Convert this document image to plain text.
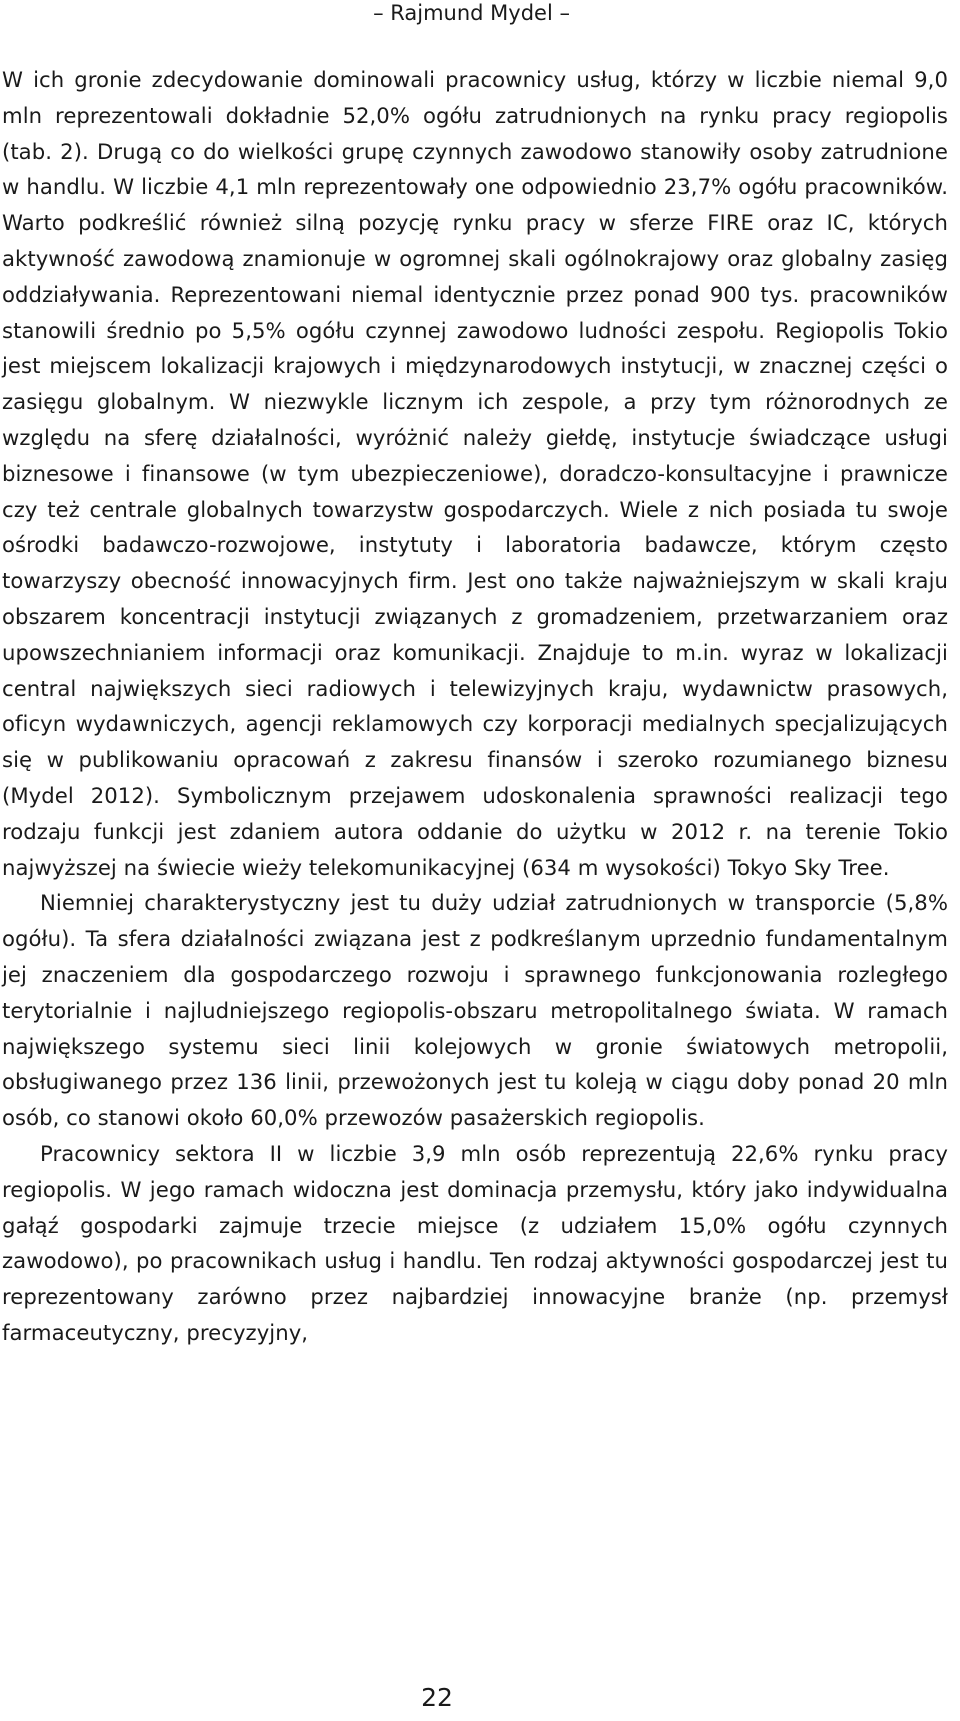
– Rajmund Mydel –

W ich gronie zdecydowanie dominowali pracownicy usług, którzy w liczbie niemal 9,0 mln reprezentowali dokładnie 52,0% ogółu zatrudnionych na rynku pracy regiopolis (tab. 2). Drugą co do wielkości grupę czynnych zawodowo stanowiły osoby zatrudnione w handlu. W liczbie 4,1 mln reprezentowały one odpowiednio 23,7% ogółu pracowników. Warto podkreślić również silną pozycję rynku pracy w sferze FIRE oraz IC, których aktywność zawodową znamionuje w ogromnej skali ogólnokrajowy oraz globalny zasięg oddziaływania. Reprezentowani niemal identycznie przez ponad 900 tys. pracowników stanowili średnio po 5,5% ogółu czynnej zawodowo ludności zespołu. Regiopolis Tokio jest miejscem lokalizacji krajowych i międzynarodowych instytucji, w znacznej części o zasięgu globalnym. W niezwykle licznym ich zespole, a przy tym różnorodnych ze względu na sferę działalności, wyróżnić należy giełdę, instytucje świadczące usługi biznesowe i finansowe (w tym ubezpieczeniowe), doradczo-konsultacyjne i prawnicze czy też centrale globalnych towarzystw gospodarczych. Wiele z nich posiada tu swoje ośrodki badawczo-rozwojowe, instytuty i laboratoria badawcze, którym często towarzyszy obecność innowacyjnych firm. Jest ono także najważniejszym w skali kraju obszarem koncentracji instytucji związanych z gromadzeniem, przetwarzaniem oraz upowszechnianiem informacji oraz komunikacji. Znajduje to m.in. wyraz w lokalizacji central największych sieci radiowych i telewizyjnych kraju, wydawnictw prasowych, oficyn wydawniczych, agencji reklamowych czy korporacji medialnych specjalizujących się w publikowaniu opracowań z zakresu finansów i szeroko rozumianego biznesu (Mydel 2012). Symbolicznym przejawem udoskonalenia sprawności realizacji tego rodzaju funkcji jest zdaniem autora oddanie do użytku w 2012 r. na terenie Tokio najwyższej na świecie wieży telekomunikacyjnej (634 m wysokości) Tokyo Sky Tree.

Niemniej charakterystyczny jest tu duży udział zatrudnionych w transporcie (5,8% ogółu). Ta sfera działalności związana jest z podkreślanym uprzednio fundamentalnym jej znaczeniem dla gospodarczego rozwoju i sprawnego funkcjonowania rozległego terytorialnie i najludniejszego regiopolis-obszaru metropolitalnego świata. W ramach największego systemu sieci linii kolejowych w gronie światowych metropolii, obsługiwanego przez 136 linii, przewożonych jest tu koleją w ciągu doby ponad 20 mln osób, co stanowi około 60,0% przewozów pasażerskich regiopolis.

Pracownicy sektora II w liczbie 3,9 mln osób reprezentują 22,6% rynku pracy regiopolis. W jego ramach widoczna jest dominacja przemysłu, który jako indywidualna gałąź gospodarki zajmuje trzecie miejsce (z udziałem 15,0% ogółu czynnych zawodowo), po pracownikach usług i handlu. Ten rodzaj aktywności gospodarczej jest tu reprezentowany zarówno przez najbardziej innowacyjne branże (np. przemysł farmaceutyczny, precyzyjny,

22
